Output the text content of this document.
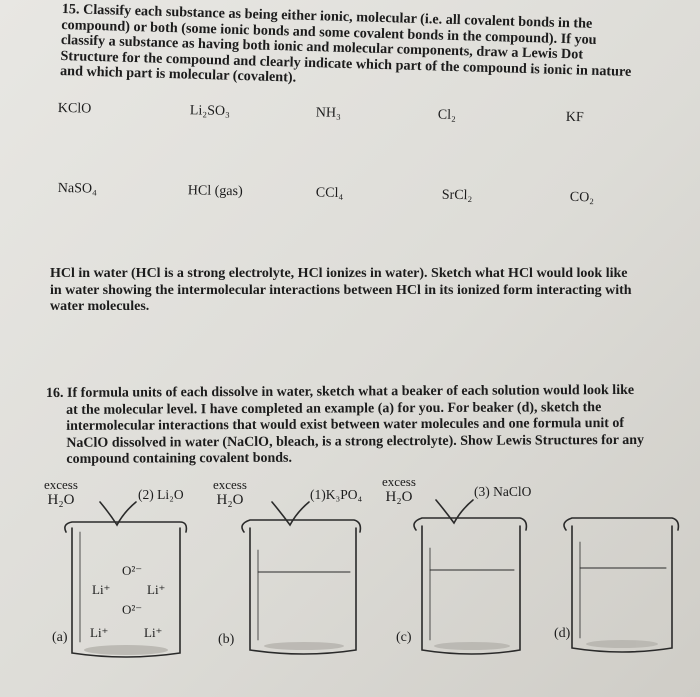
15. Classify each substance as being either ionic, molecular (i.e. all covalent bonds in the compound) or both (some ionic bonds and some covalent bonds in the compound). If you classify a substance as having both ionic and molecular components, draw a Lewis Dot Structure for the compound and clearly indicate which part of the compound is ionic in nature and which part is molecular (covalent).
KClO	Li₂SO₃	NH₃	Cl₂	KF
NaSO₄	HCl (gas)	CCl₄	SrCl₂	CO₂
HCl in water (HCl is a strong electrolyte, HCl ionizes in water). Sketch what HCl would look like in water showing the intermolecular interactions between HCl in its ionized form interacting with water molecules.
16. If formula units of each dissolve in water, sketch what a beaker of each solution would look like
at the molecular level. I have completed an example (a) for you. For beaker (d), sketch the intermolecular interactions that would exist between water molecules and one formula unit of NaClO dissolved in water (NaClO, bleach, is a strong electrolyte). Show Lewis Structures for any compound containing covalent bonds.
excess
H₂O	(2) Li₂O
excess
H₂O	(1)K₃PO₄
excess
H₂O	(3) NaClO
O²⁻
Li⁺	Li⁺
O²⁻
Li⁺	Li⁺
(a)	(b)	(c)	(d)
